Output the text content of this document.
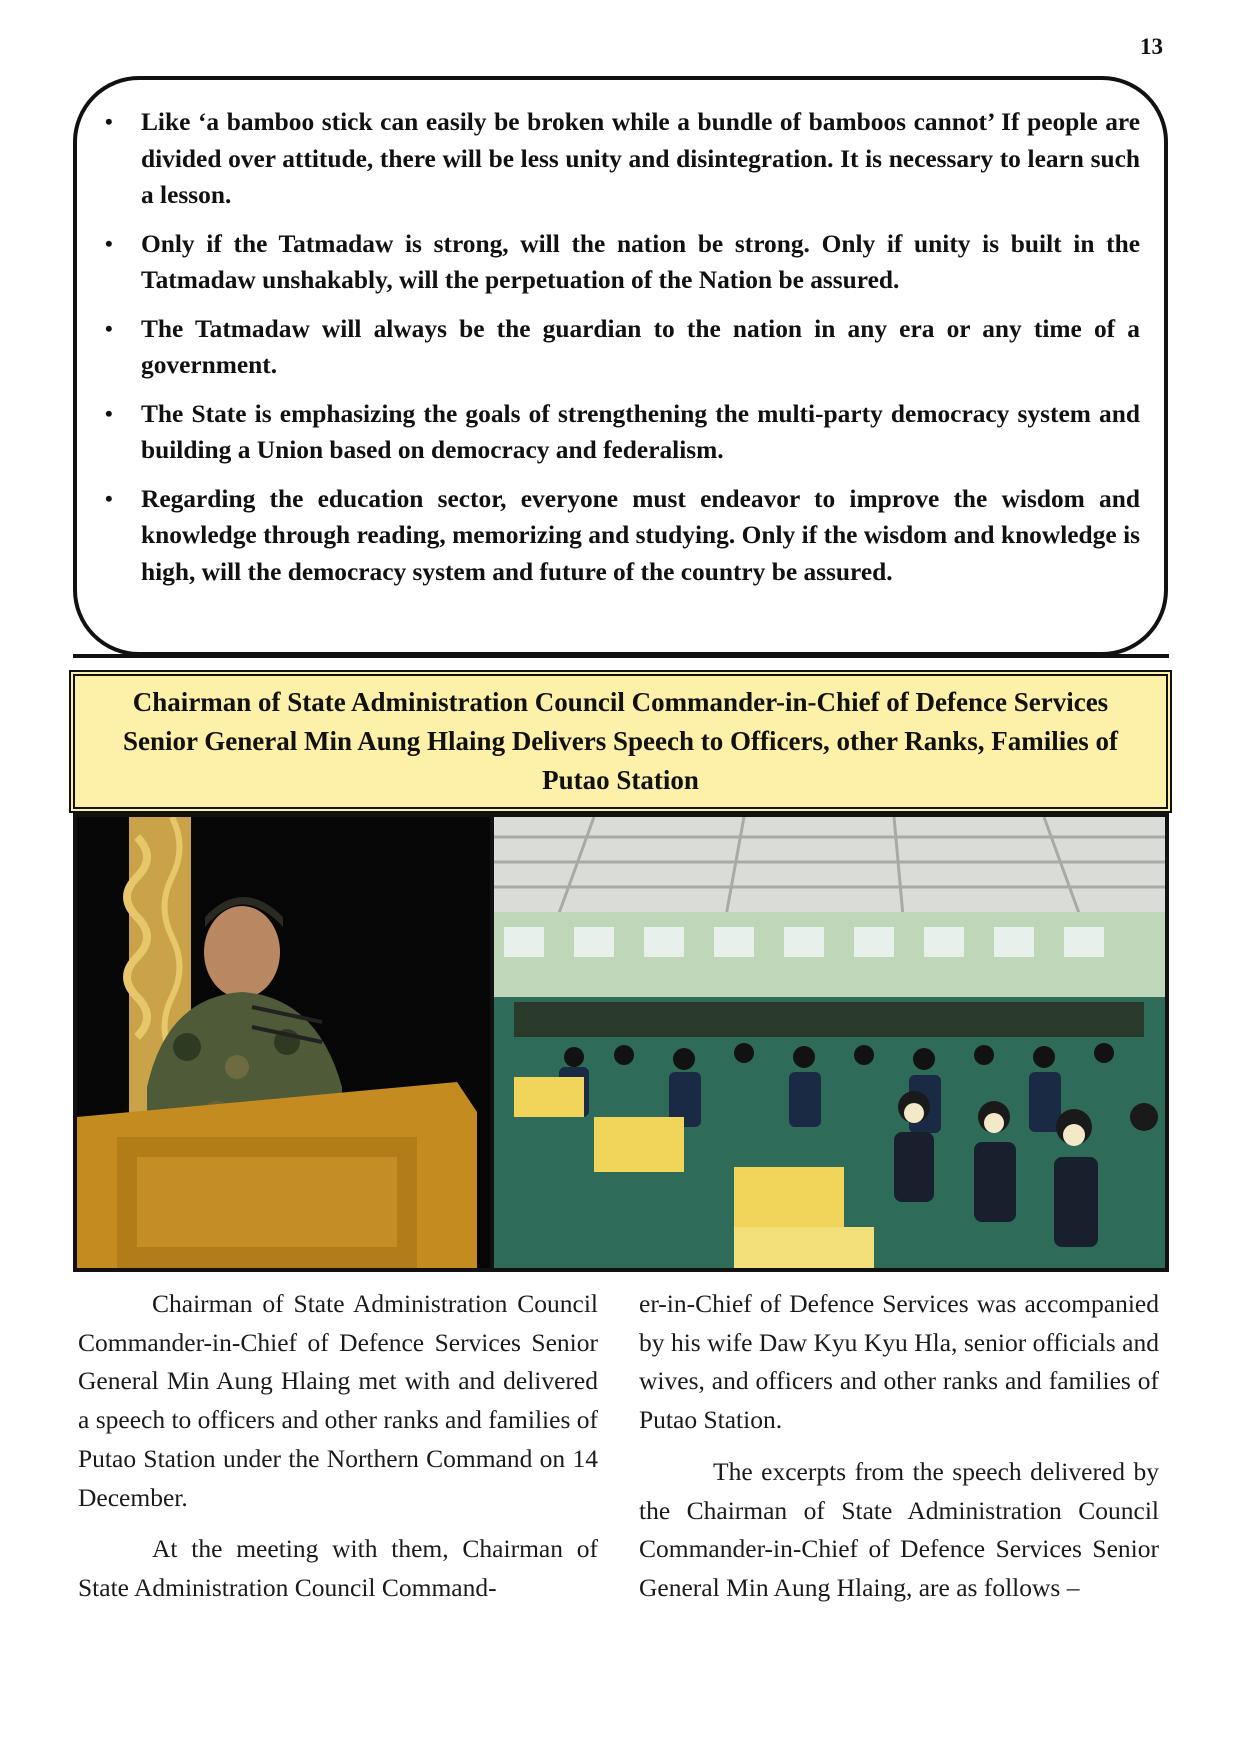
13
• Like ‘a bamboo stick can easily be broken while a bundle of bamboos cannot’ If people are divided over attitude, there will be less unity and disintegration. It is necessary to learn such a lesson.
• Only if the Tatmadaw is strong, will the nation be strong. Only if unity is built in the Tatmadaw unshakably, will the perpetuation of the Nation be assured.
• The Tatmadaw will always be the guardian to the nation in any era or any time of a government.
• The State is emphasizing the goals of strengthening the multi-party democracy system and building a Union based on democracy and federalism.
• Regarding the education sector, everyone must endeavor to improve the wisdom and knowledge through reading, memorizing and studying. Only if the wisdom and knowledge is high, will the democracy system and future of the country be assured.
Chairman of State Administration Council Commander-in-Chief of Defence Services Senior General Min Aung Hlaing Delivers Speech to Officers, other Ranks, Families of Putao Station

Chairman of State Administration Council Commander-in-Chief of Defence Services Senior General Min Aung Hlaing met with and delivered a speech to officers and other ranks and families of Putao Station under the Northern Command on 14 December.

At the meeting with them, Chairman of State Administration Council Command-

er-in-Chief of Defence Services was accompanied by his wife Daw Kyu Kyu Hla, senior officials and wives, and officers and other ranks and families of Putao Station.

The excerpts from the speech delivered by the Chairman of State Administration Council Commander-in-Chief of Defence Services Senior General Min Aung Hlaing, are as follows –
